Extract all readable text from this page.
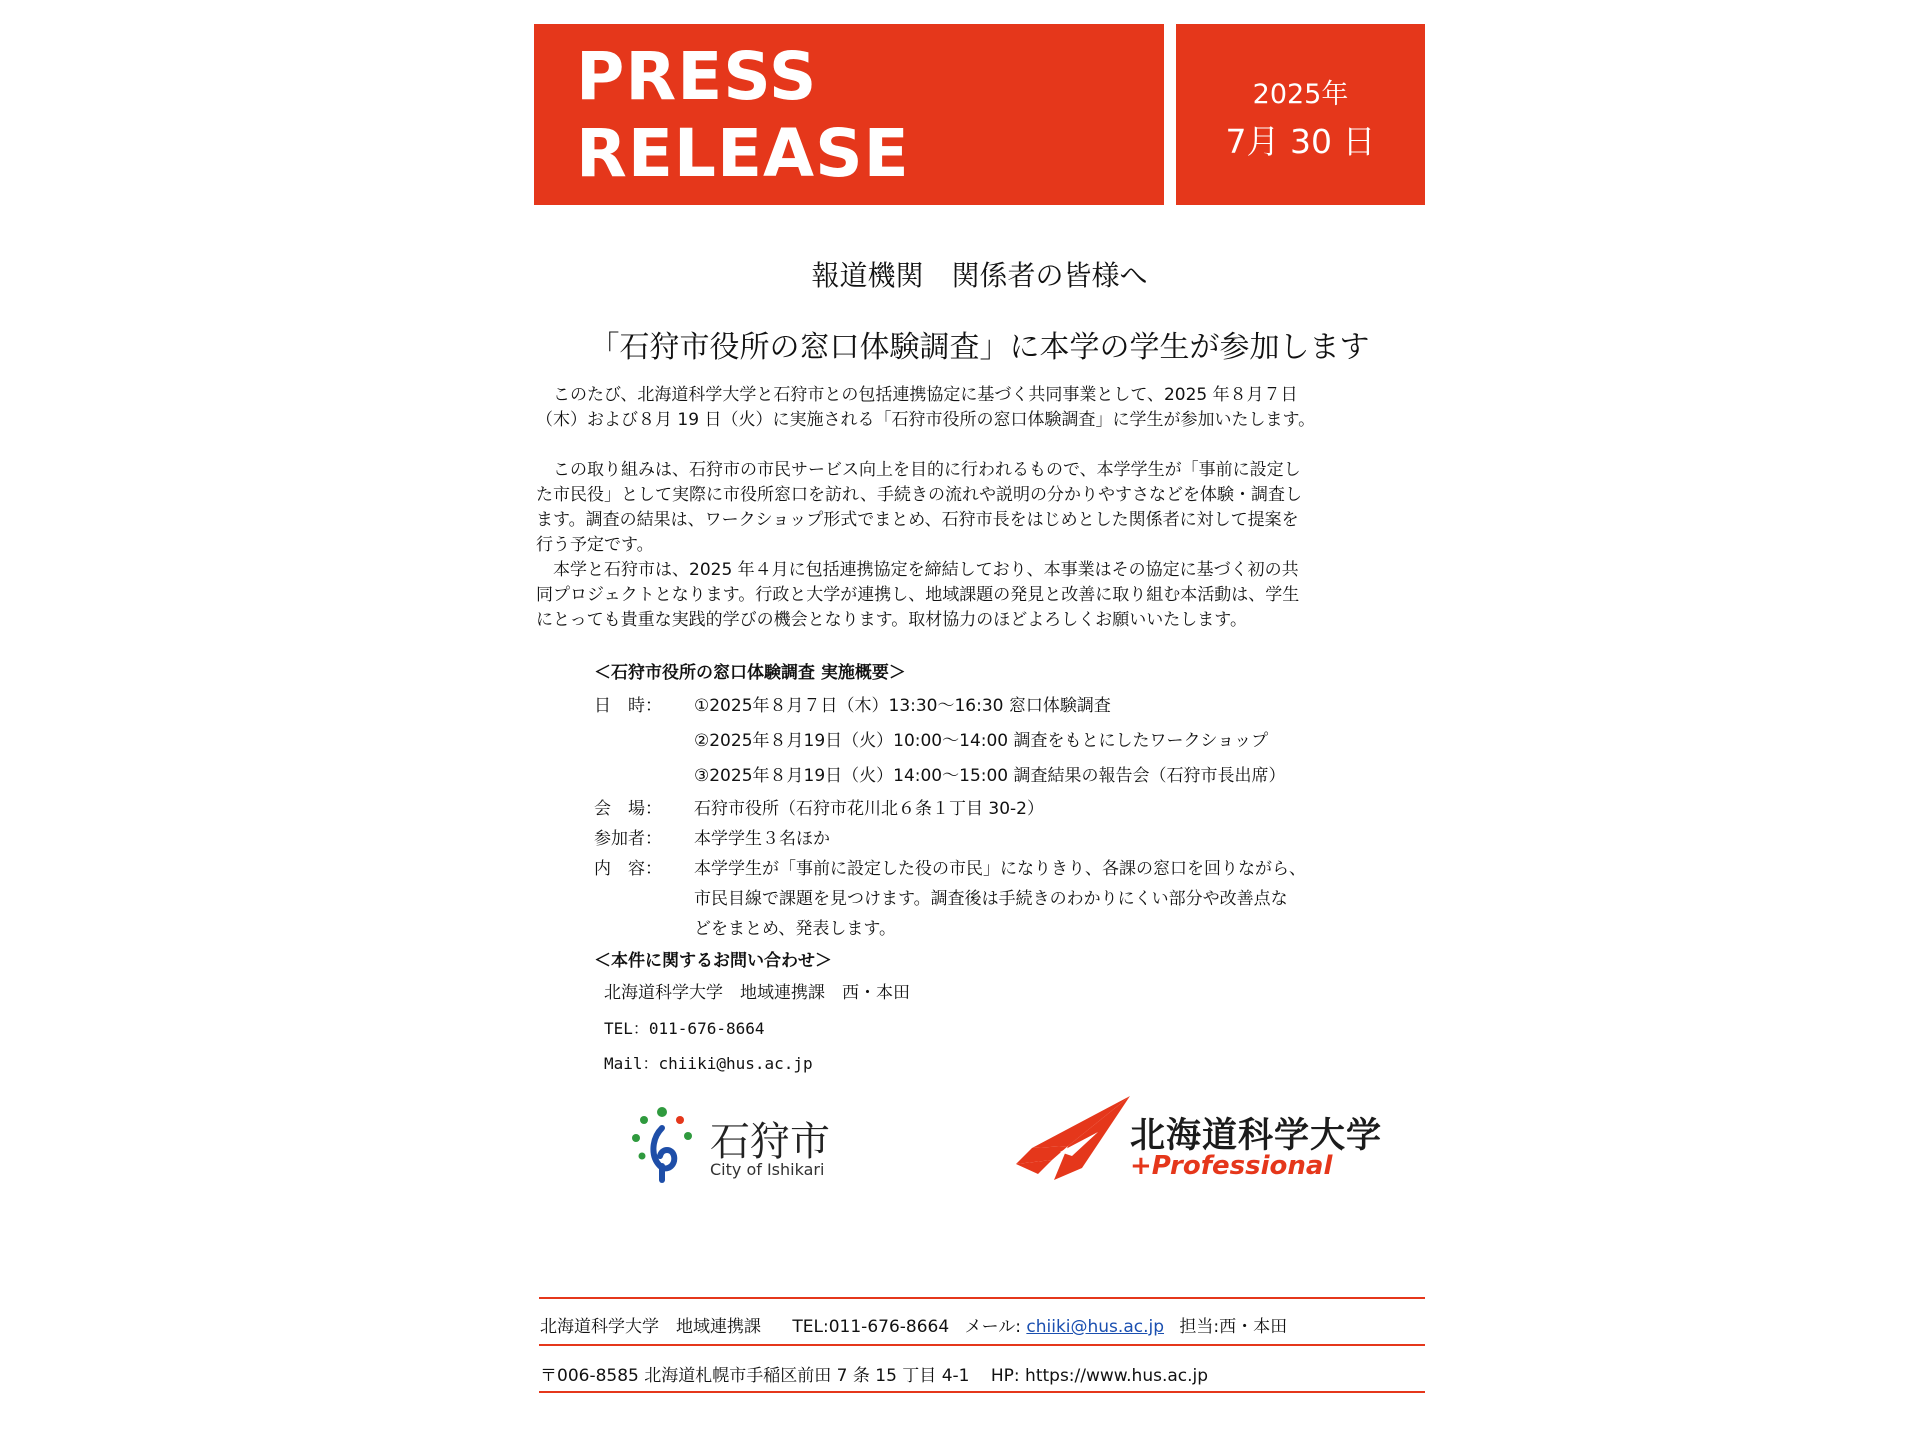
PRESS RELEASE
2025年
7月 30 日
報道機関　関係者の皆様へ
「石狩市役所の窓口体験調査」に本学の学生が参加します

　このたび、北海道科学大学と石狩市との包括連携協定に基づく共同事業として、2025 年８月７日
（木）および８月 19 日（火）に実施される「石狩市役所の窓口体験調査」に学生が参加いたします。

　この取り組みは、石狩市の市民サービス向上を目的に行われるもので、本学学生が「事前に設定し
た市民役」として実際に市役所窓口を訪れ、手続きの流れや説明の分かりやすさなどを体験・調査し
ます。調査の結果は、ワークショップ形式でまとめ、石狩市長をはじめとした関係者に対して提案を
行う予定です。

　本学と石狩市は、2025 年４月に包括連携協定を締結しており、本事業はその協定に基づく初の共
同プロジェクトとなります。行政と大学が連携し、地域課題の発見と改善に取り組む本活動は、学生
にとっても貴重な実践的学びの機会となります。取材協力のほどよろしくお願いいたします。

＜石狩市役所の窓口体験調査 実施概要＞
日　時：	①2025年８月７日（木）13:30～16:30 窓口体験調査
②2025年８月19日（火）10:00～14:00 調査をもとにしたワークショップ
③2025年８月19日（火）14:00～15:00 調査結果の報告会（石狩市長出席）
会　場：	石狩市役所（石狩市花川北６条１丁目 30-2）
参加者：	本学学生３名ほか
内　容：	本学学生が「事前に設定した役の市民」になりきり、各課の窓口を回りながら、
市民目線で課題を見つけます。調査後は手続きのわかりにくい部分や改善点な
どをまとめ、発表します。
＜本件に関するお問い合わせ＞
北海道科学大学　地域連携課　西・本田
TEL：011-676-8664
Mail：chiiki@hus.ac.jp
石狩市
City of Ishikari
北海道科学大学
+Professional
北海道科学大学　地域連携課 TEL:011-676-8664 メール: chiiki@hus.ac.jp 担当:西・本田
〒006-8585 北海道札幌市手稲区前田 7 条 15 丁目 4-1 HP: https://www.hus.ac.jp
